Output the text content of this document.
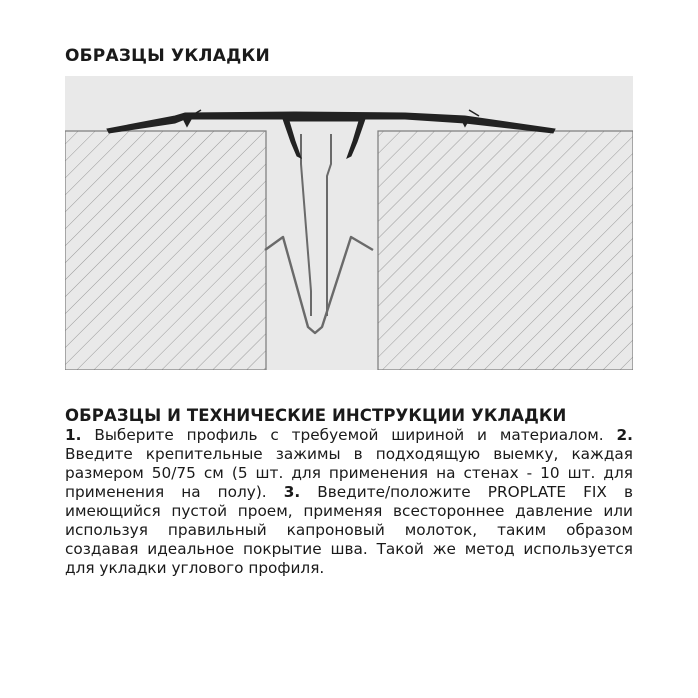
ОБРАЗЦЫ УКЛАДКИ
ОБРАЗЦЫ И ТЕХНИЧЕСКИЕ ИНСТРУКЦИИ УКЛАДКИ

1. Выберите профиль с требуемой шириной и материалом. 2. Введите крепительные зажимы в подходящую выемку, каждая размером 50/75 см (5 шт. для применения на стенах - 10 шт. для применения на полу). 3. Введите/положите PROPLATE FIX в имеющийся пустой проем, применяя всестороннее давление или используя правильный капроновый молоток, таким образом создавая идеальное покрытие шва. Такой же метод используется для укладки углового профиля.
